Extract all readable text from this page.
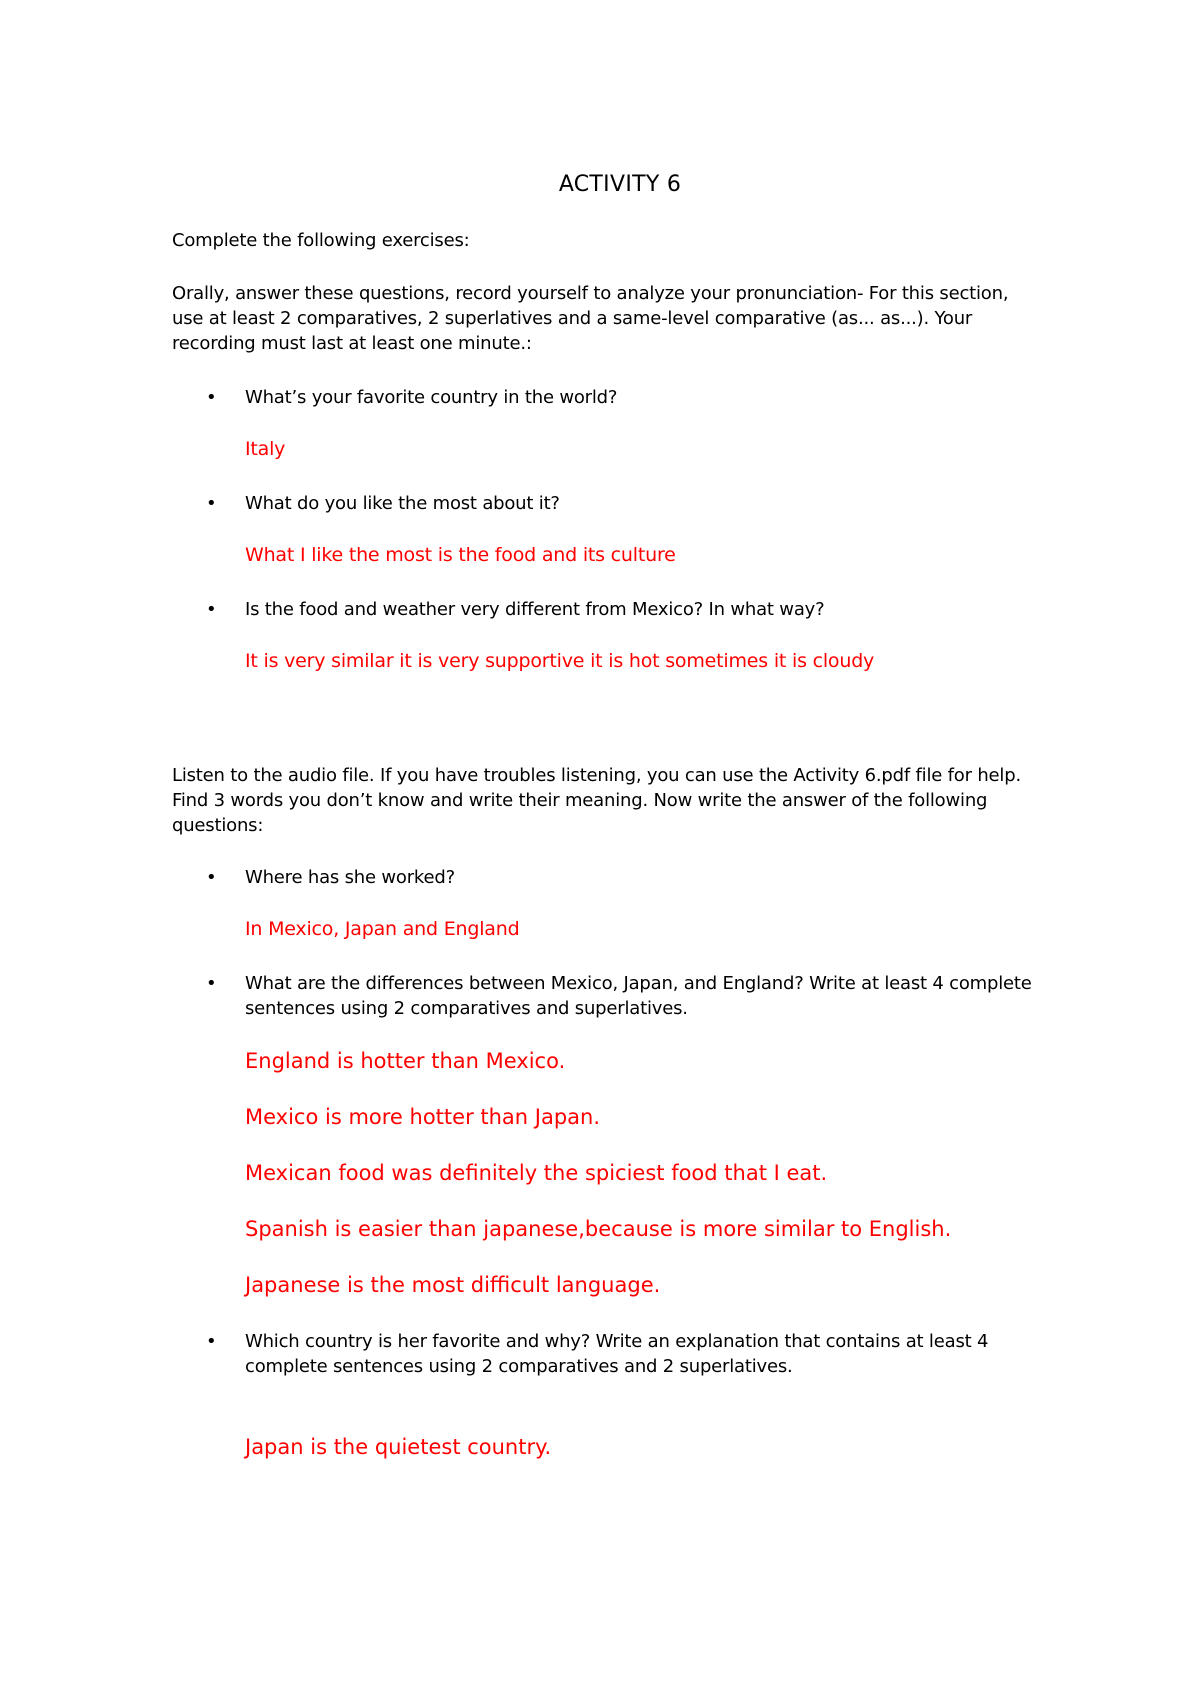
ACTIVITY 6
Complete the following exercises:
Orally, answer these questions, record yourself to analyze your pronunciation- For this section, use at least 2 comparatives, 2 superlatives and a same-level comparative (as... as...). Your recording must last at least one minute.:
• What’s your favorite country in the world?
Italy
• What do you like the most about it?
What I like the most is the food and its culture
• Is the food and weather very different from Mexico? In what way?
It is very similar it is very supportive it is hot sometimes it is cloudy
Listen to the audio file. If you have troubles listening, you can use the Activity 6.pdf file for help. Find 3 words you don’t know and write their meaning. Now write the answer of the following questions:
• Where has she worked?
In Mexico, Japan and England
• What are the differences between Mexico, Japan, and England? Write at least 4 complete sentences using 2 comparatives and superlatives.
England is hotter than Mexico.
Mexico is more hotter than Japan.
Mexican food was definitely the spiciest food that I eat.
Spanish is easier than japanese,because is more similar to English.
Japanese is the most difficult language.
• Which country is her favorite and why? Write an explanation that contains at least 4 complete sentences using 2 comparatives and 2 superlatives.
Japan is the quietest country.
